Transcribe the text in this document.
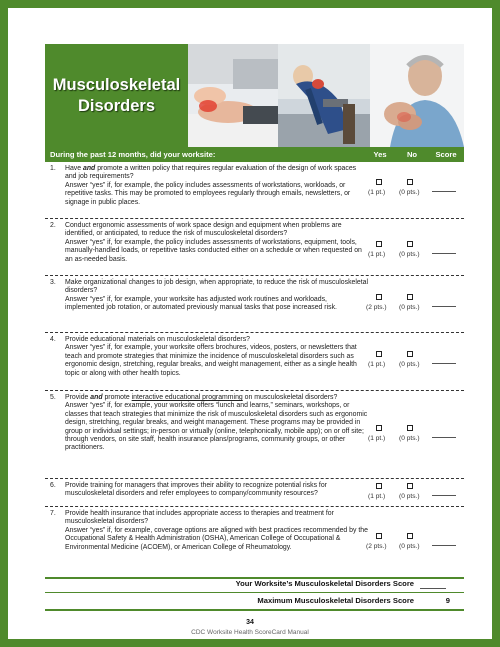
Musculoskeletal
Disorders
During the past 12 months, did your worksite:	Yes	No	Score
1. Have and promote a written policy that requires regular evaluation of the design of work spaces and job requirements?
Answer “yes” if, for example, the policy includes assessments of workstations, workloads, or repetitive tasks. This may be promoted to employees regularly through emails, newsletters, or signage in public places.
(1 pt.) (0 pts.)
2. Conduct ergonomic assessments of work space design and equipment when problems are identified, or anticipated, to reduce the risk of musculoskeletal disorders?
Answer “yes” if, for example, the policy includes assessments of workstations, equipment, tools, manually-handled loads, or repetitive tasks conducted either on a schedule or when requested on an as-needed basis.
(1 pt.) (0 pts.)
3. Make organizational changes to job design, when appropriate, to reduce the risk of musculoskeletal disorders?
Answer “yes” if, for example, your worksite has adjusted work routines and workloads, implemented job rotation, or automated previously manual tasks that pose increased risk.	(2 pts.) (0 pts.)
4. Provide educational materials on musculoskeletal disorders?
Answer “yes” if, for example, your worksite offers brochures, videos, posters, or newsletters that teach and promote strategies that minimize the incidence of musculoskeletal disorders such as ergonomic design, stretching, regular breaks, and weight management, either as a single health topic or along with other health topics.
(1 pt.) (0 pts.)
5. Provide and promote interactive educational programming on musculoskeletal disorders?
Answer “yes” if, for example, your worksite offers “lunch and learns,” seminars, workshops, or classes that teach strategies that minimize the risk of musculoskeletal disorders such as ergonomic design, stretching, regular breaks, and weight management. These programs may be provided in group or individual settings; in-person or virtually (online, telephonically, mobile app); on or off site; through vendors, on site staff, health insurance plans/programs, community groups, or other practitioners.
(1 pt.) (0 pts.)
6. Provide training for managers that improves their ability to recognize potential risks for musculoskeletal disorders and refer employees to company/community resources?	(1 pt.) (0 pts.)
7. Provide health insurance that includes appropriate access to therapies and treatment for musculoskeletal disorders?
Answer “yes” if, for example, coverage options are aligned with best practices recommended by the Occupational Safety & Health Administration (OSHA), American College of Occupational & Environmental Medicine (ACOEM), or American College of Rheumatology.	(2 pts.) (0 pts.)
Your Worksite’s Musculoskeletal Disorders Score
Maximum Musculoskeletal Disorders Score	9
34
CDC Worksite Health ScoreCard Manual
